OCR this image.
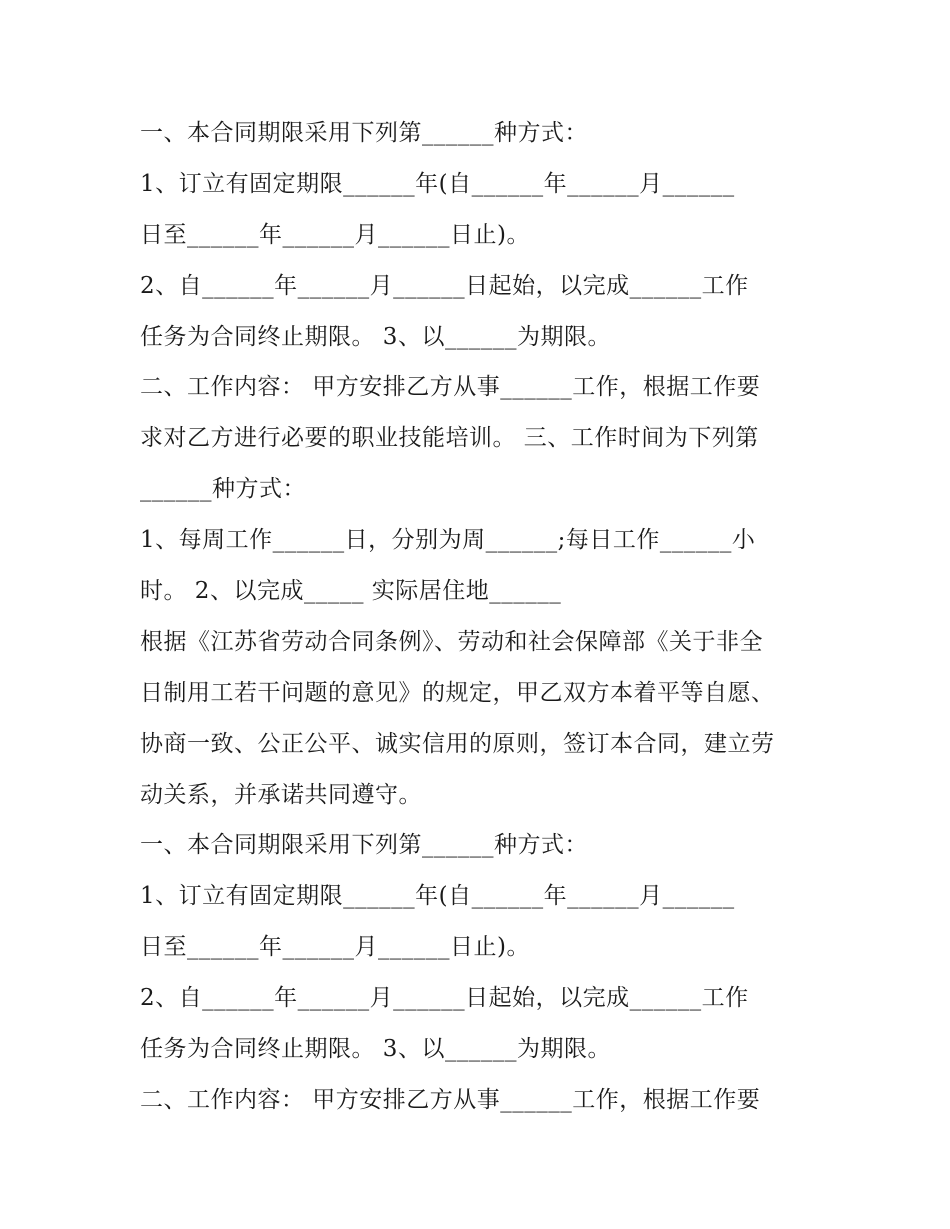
一、本合同期限采用下列第______种方式：
1、订立有固定期限______年(自______年______月______
日至______年______月______日止)。
2、自______年______月______日起始，以完成______工作
任务为合同终止期限。 3、以______为期限。
二、工作内容： 甲方安排乙方从事______工作，根据工作要
求对乙方进行必要的职业技能培训。 三、工作时间为下列第
______种方式：
1、每周工作______日，分别为周______;每日工作______小
时。 2、以完成_____ 实际居住地______
根据《江苏省劳动合同条例》、劳动和社会保障部《关于非全
日制用工若干问题的意见》的规定，甲乙双方本着平等自愿、
协商一致、公正公平、诚实信用的原则，签订本合同，建立劳
动关系，并承诺共同遵守。
一、本合同期限采用下列第______种方式：
1、订立有固定期限______年(自______年______月______
日至______年______月______日止)。
2、自______年______月______日起始，以完成______工作
任务为合同终止期限。 3、以______为期限。
二、工作内容： 甲方安排乙方从事______工作，根据工作要
